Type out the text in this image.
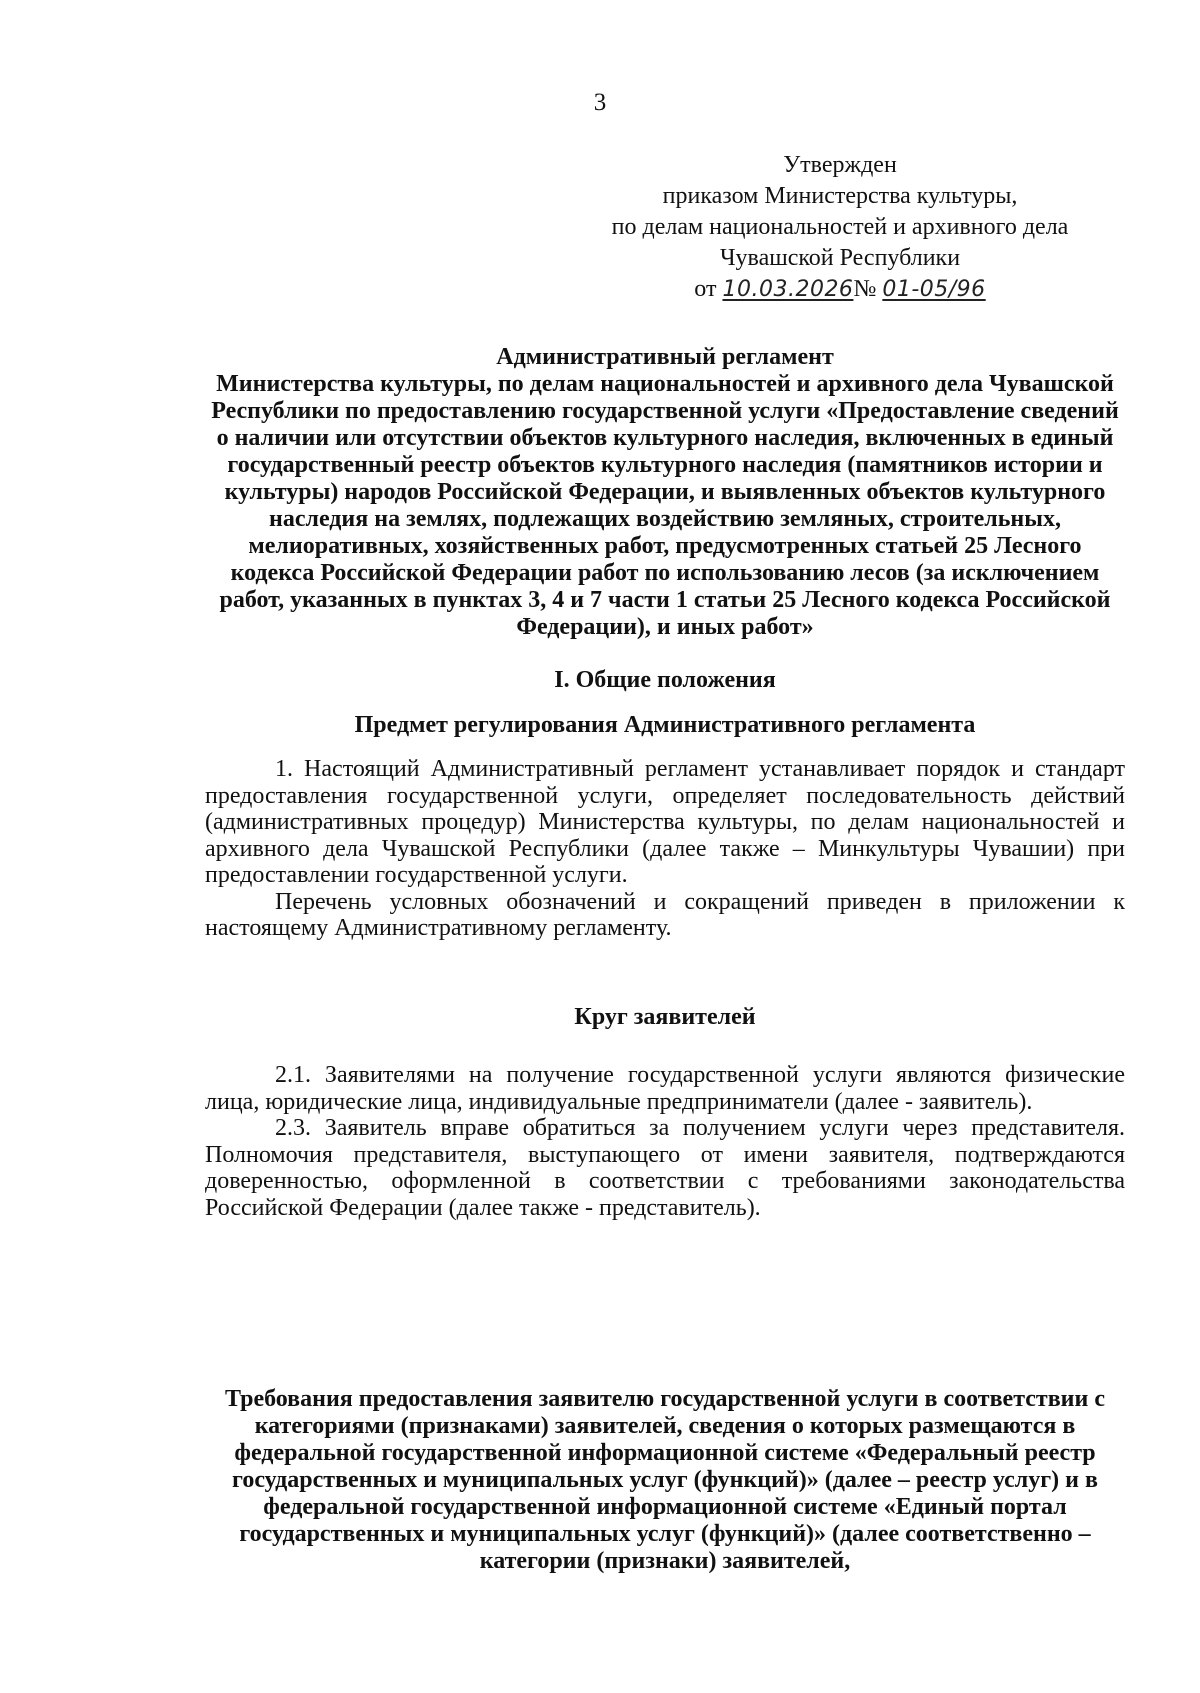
3
Утвержден
приказом Министерства культуры,
по делам национальностей и архивного дела
Чувашской Республики
от 10.03.2026№ 01-05/96
Административный регламент
Министерства культуры, по делам национальностей и архивного дела Чувашской Республики по предоставлению государственной услуги «Предоставление сведений о наличии или отсутствии объектов культурного наследия, включенных в единый государственный реестр объектов культурного наследия (памятников истории и культуры) народов Российской Федерации, и выявленных объектов культурного наследия на землях, подлежащих воздействию земляных, строительных, мелиоративных, хозяйственных работ, предусмотренных статьей 25 Лесного кодекса Российской Федерации работ по использованию лесов (за исключением работ, указанных в пунктах 3, 4 и 7 части 1 статьи 25 Лесного кодекса Российской Федерации), и иных работ»
I. Общие положения
Предмет регулирования Административного регламента
1. Настоящий Административный регламент устанавливает порядок и стандарт предоставления государственной услуги, определяет последовательность действий (административных процедур) Министерства культуры, по делам национальностей и архивного дела Чувашской Республики (далее также – Минкультуры Чувашии) при предоставлении государственной услуги.
Перечень условных обозначений и сокращений приведен в приложении к настоящему Административному регламенту.
Круг заявителей
2.1. Заявителями на получение государственной услуги являются физические лица, юридические лица, индивидуальные предприниматели (далее - заявитель).
2.3. Заявитель вправе обратиться за получением услуги через представителя. Полномочия представителя, выступающего от имени заявителя, подтверждаются доверенностью, оформленной в соответствии с требованиями законодательства Российской Федерации (далее также - представитель).
Требования предоставления заявителю государственной услуги в соответствии с категориями (признаками) заявителей, сведения о которых размещаются в федеральной государственной информационной системе «Федеральный реестр государственных и муниципальных услуг (функций)» (далее – реестр услуг) и в федеральной государственной информационной системе «Единый портал государственных и муниципальных услуг (функций)» (далее соответственно – категории (признаки) заявителей,
